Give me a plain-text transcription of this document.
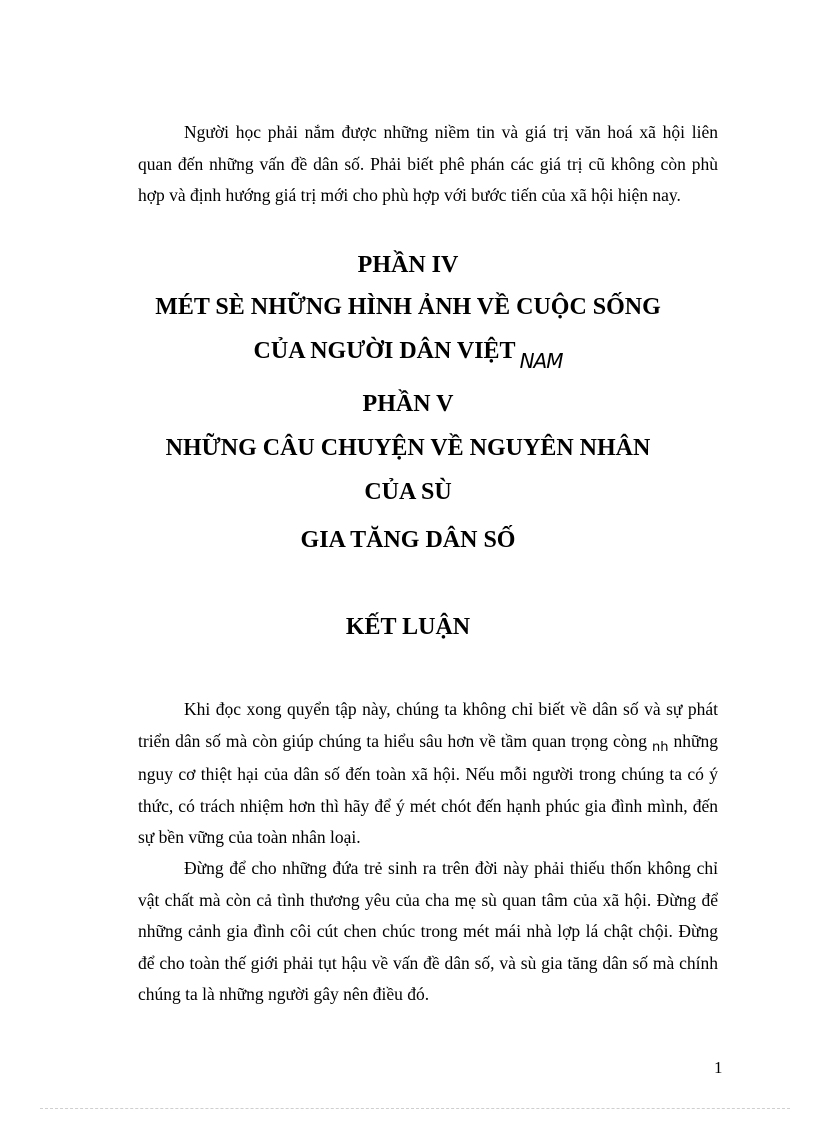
Người học phải nắm được những niềm tin và giá trị văn hoá xã hội liên quan đến những vấn đề dân số. Phải biết phê phán các giá trị cũ không còn phù hợp và định hướng giá trị mới cho phù hợp với bước tiến của xã hội hiện nay.

PHẦN IV
MÉT SÈ NHỮNG HÌNH ẢNH VỀ CUỘC SỐNG
CỦA NGƯỜI DÂN VIỆT $_{NAM}$
PHẦN V
NHỮNG CÂU CHUYỆN VỀ NGUYÊN NHÂN
CỦA SÙ
GIA TĂNG DÂN SỐ
KẾT LUẬN

Khi đọc xong quyển tập này, chúng ta không chỉ biết về dân số và sự phát triển dân số mà còn giúp chúng ta hiểu sâu hơn về tầm quan trọng còng $_{nh}$ những nguy cơ thiệt hại của dân số đến toàn xã hội. Nếu mỗi người trong chúng ta có ý thức, có trách nhiệm hơn thì hãy để ý mét chót đến hạnh phúc gia đình mình, đến sự bền vững của toàn nhân loại.

Đừng để cho những đứa trẻ sinh ra trên đời này phải thiếu thốn không chỉ vật chất mà còn cả tình thương yêu của cha mẹ sù quan tâm của xã hội. Đừng để những cảnh gia đình côi cút chen chúc trong mét mái nhà lợp lá chật chội. Đừng để cho toàn thế giới phải tụt hậu về vấn đề dân số, và sù gia tăng dân số mà chính chúng ta là những người gây nên điều đó.

1
